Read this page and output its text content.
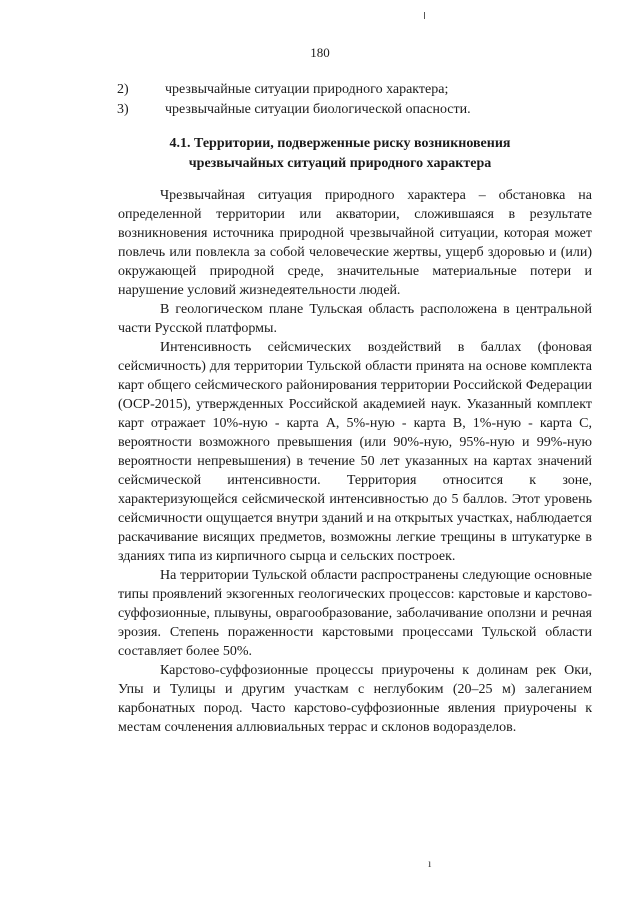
180
2)	чрезвычайные ситуации природного характера;
3)	чрезвычайные ситуации биологической опасности.
4.1. Территории, подверженные риску возникновения
чрезвычайных ситуаций природного характера

Чрезвычайная ситуация природного характера – обстановка на определенной территории или акватории, сложившаяся в результате возникновения источника природной чрезвычайной ситуации, которая может повлечь или повлекла за собой человеческие жертвы, ущерб здоровью и (или) окружающей природной среде, значительные материальные потери и нарушение условий жизнедеятельности людей.

В геологическом плане Тульская область расположена в центральной части Русской платформы.

Интенсивность сейсмических воздействий в баллах (фоновая сейсмичность) для территории Тульской области принята на основе комплекта карт общего сейсмического районирования территории Российской Федерации (ОСР-2015), утвержденных Российской академией наук. Указанный комплект карт отражает 10%-ную - карта А, 5%-ную - карта В, 1%-ную - карта С, вероятности возможного превышения (или 90%-ную, 95%-ную и 99%-ную вероятности непревышения) в течение 50 лет указанных на картах значений сейсмической интенсивности. Территория относится к зоне, характеризующейся сейсмической интенсивностью до 5 баллов. Этот уровень сейсмичности ощущается внутри зданий и на открытых участках, наблюдается раскачивание висящих предметов, возможны легкие трещины в штукатурке в зданиях типа из кирпичного сырца и сельских построек.

На территории Тульской области распространены следующие основные типы проявлений экзогенных геологических процессов: карстовые и карстово-суффозионные, плывуны, оврагообразование, заболачивание оползни и речная эрозия. Степень пораженности карстовыми процессами Тульской области составляет более 50%.

Карстово-суффозионные процессы приурочены к долинам рек Оки, Упы и Тулицы и другим участкам с неглубоким (20–25 м) залеганием карбонатных пород. Часто карстово-суффозионные явления приурочены к местам сочленения аллювиальных террас и склонов водоразделов.

ı
